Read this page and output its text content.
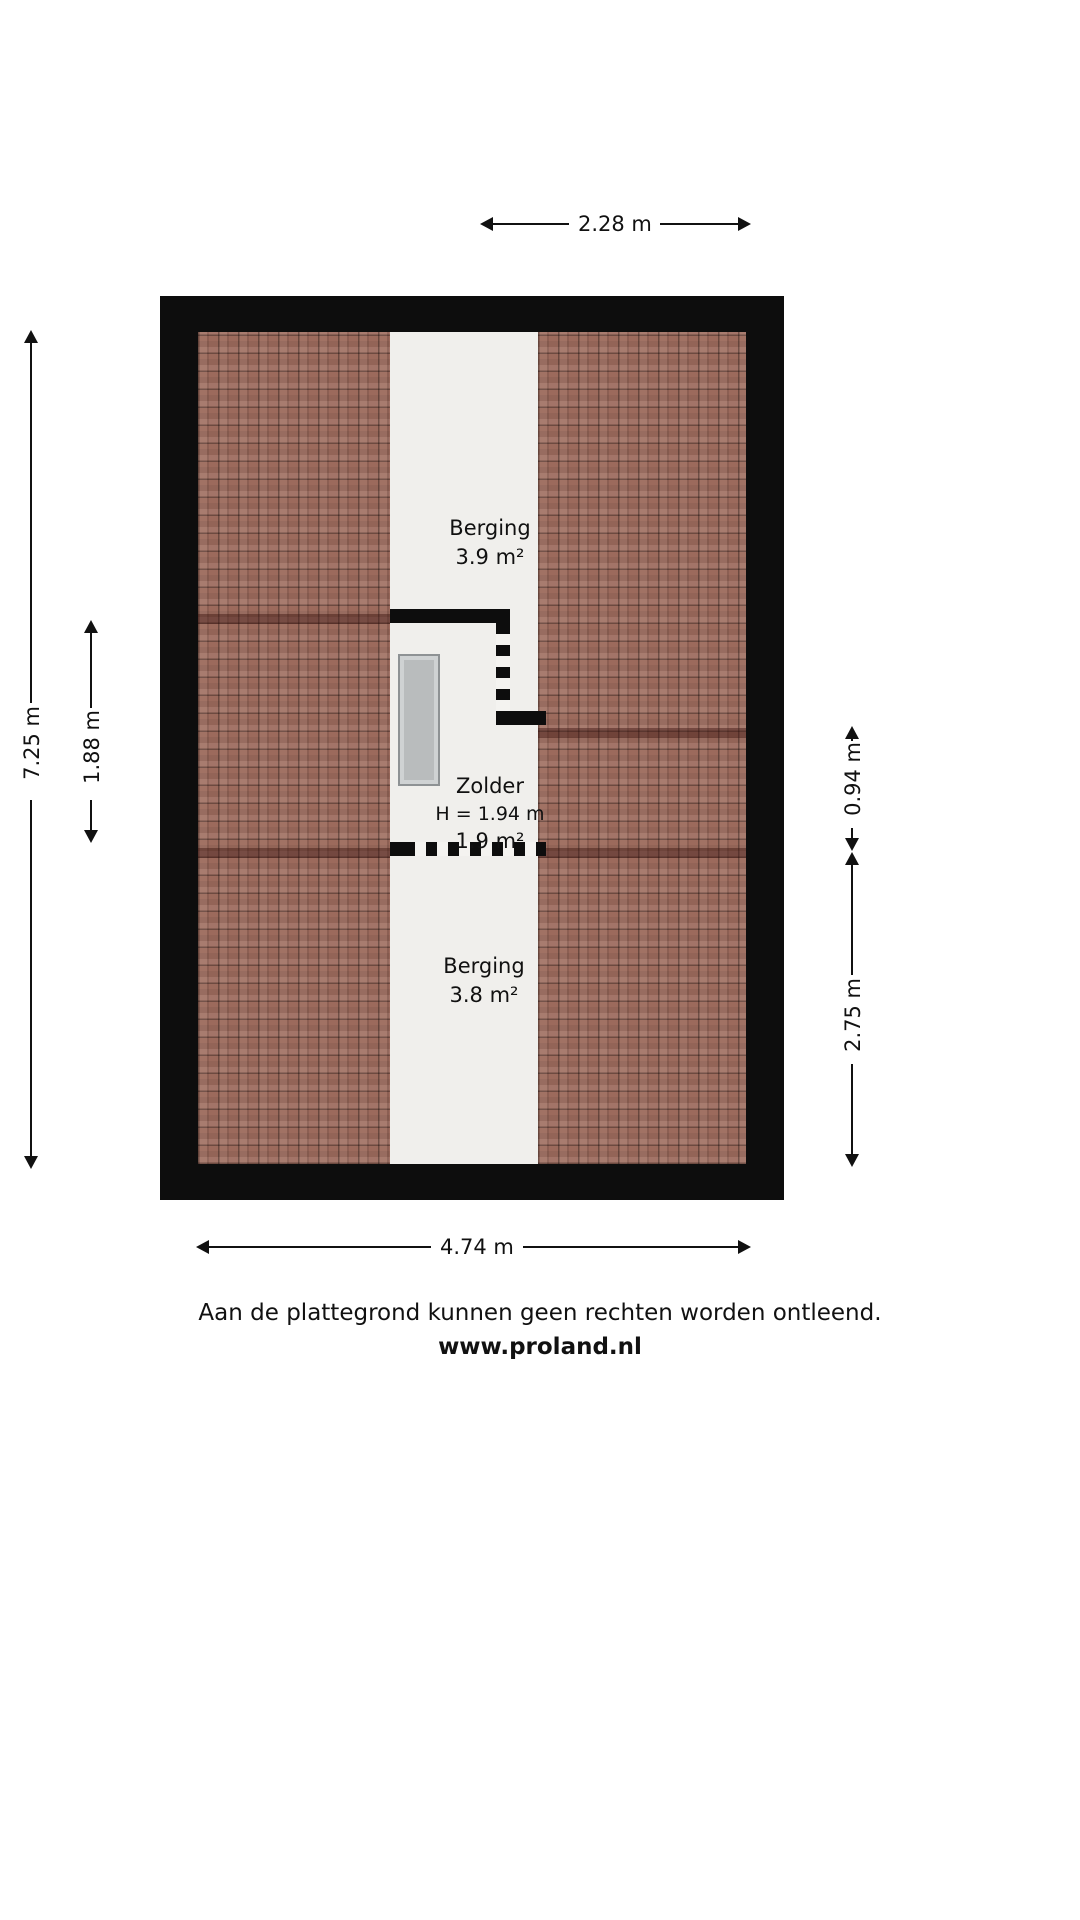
2.28 m
7.25 m 1.88 m	0.94 m
2.75 m
Berging
3.9 m²
Zolder
H = 1.94 m
1.9 m²
Berging
3.8 m²
4.74 m
Aan de plattegrond kunnen geen rechten worden ontleend.
www.proland.nl
